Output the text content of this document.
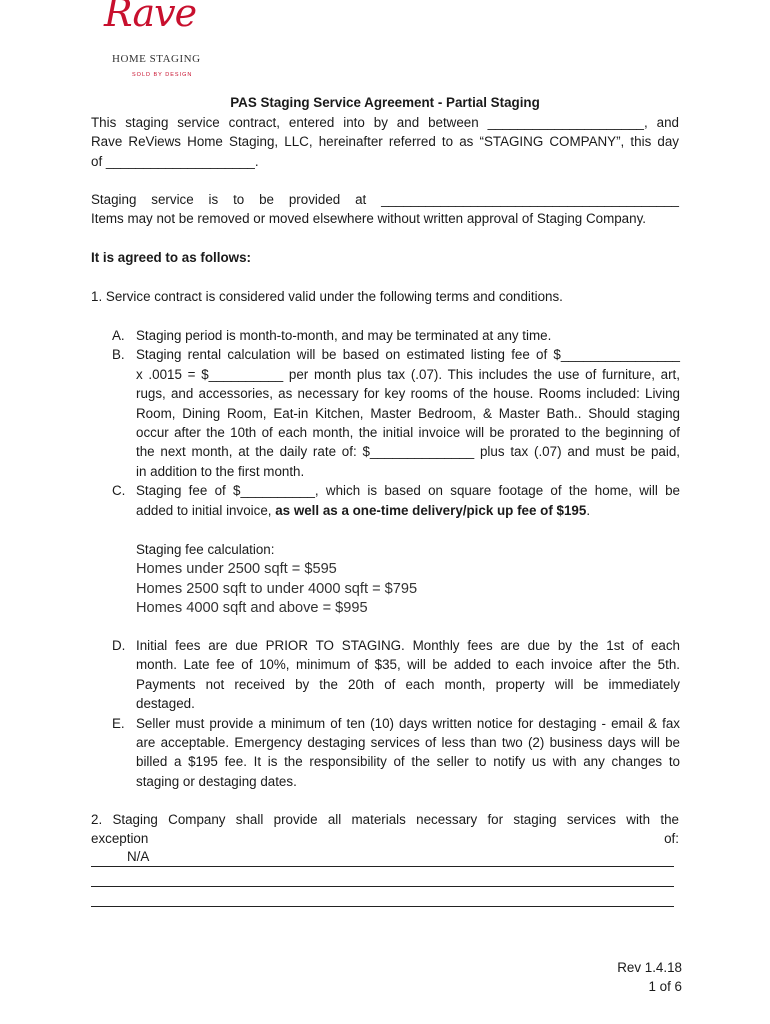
Rave
HOME STAGING
SOLD BY DESIGN
PAS Staging Service Agreement - Partial Staging
This staging service contract, entered into by and between _____________________, and
Rave ReViews Home Staging, LLC, hereinafter referred to as “STAGING COMPANY”, this day
of ____________________.
Staging service is to be provided at ________________________________________
Items may not be removed or moved elsewhere without written approval of Staging Company.
It is agreed to as follows:
1. Service contract is considered valid under the following terms and conditions.
A. Staging period is month-to-month, and may be terminated at any time.
B. Staging rental calculation will be based on estimated listing fee of $________________
x .0015 = $__________ per month plus tax (.07). This includes the use of furniture, art,
rugs, and accessories, as necessary for key rooms of the house. Rooms included: Living
Room, Dining Room, Eat-in Kitchen, Master Bedroom, & Master Bath.. Should staging
occur after the 10th of each month, the initial invoice will be prorated to the beginning of
the next month, at the daily rate of: $______________ plus tax (.07) and must be paid,
in addition to the first month.
C. Staging fee of $__________, which is based on square footage of the home, will be
added to initial invoice, as well as a one-time delivery/pick up fee of $195.
Staging fee calculation:
Homes under 2500 sqft = $595
Homes 2500 sqft to under 4000 sqft = $795
Homes 4000 sqft and above = $995
D. Initial fees are due PRIOR TO STAGING. Monthly fees are due by the 1st of each
month. Late fee of 10%, minimum of $35, will be added to each invoice after the 5th.
Payments not received by the 20th of each month, property will be immediately
destaged.
E. Seller must provide a minimum of ten (10) days written notice for destaging - email & fax
are acceptable. Emergency destaging services of less than two (2) business days will be
billed a $195 fee. It is the responsibility of the seller to notify us with any changes to
staging or destaging dates.
2. Staging Company shall provide all materials necessary for staging services with the
exception of:
N/A
Rev 1.4.18
1 of 6
